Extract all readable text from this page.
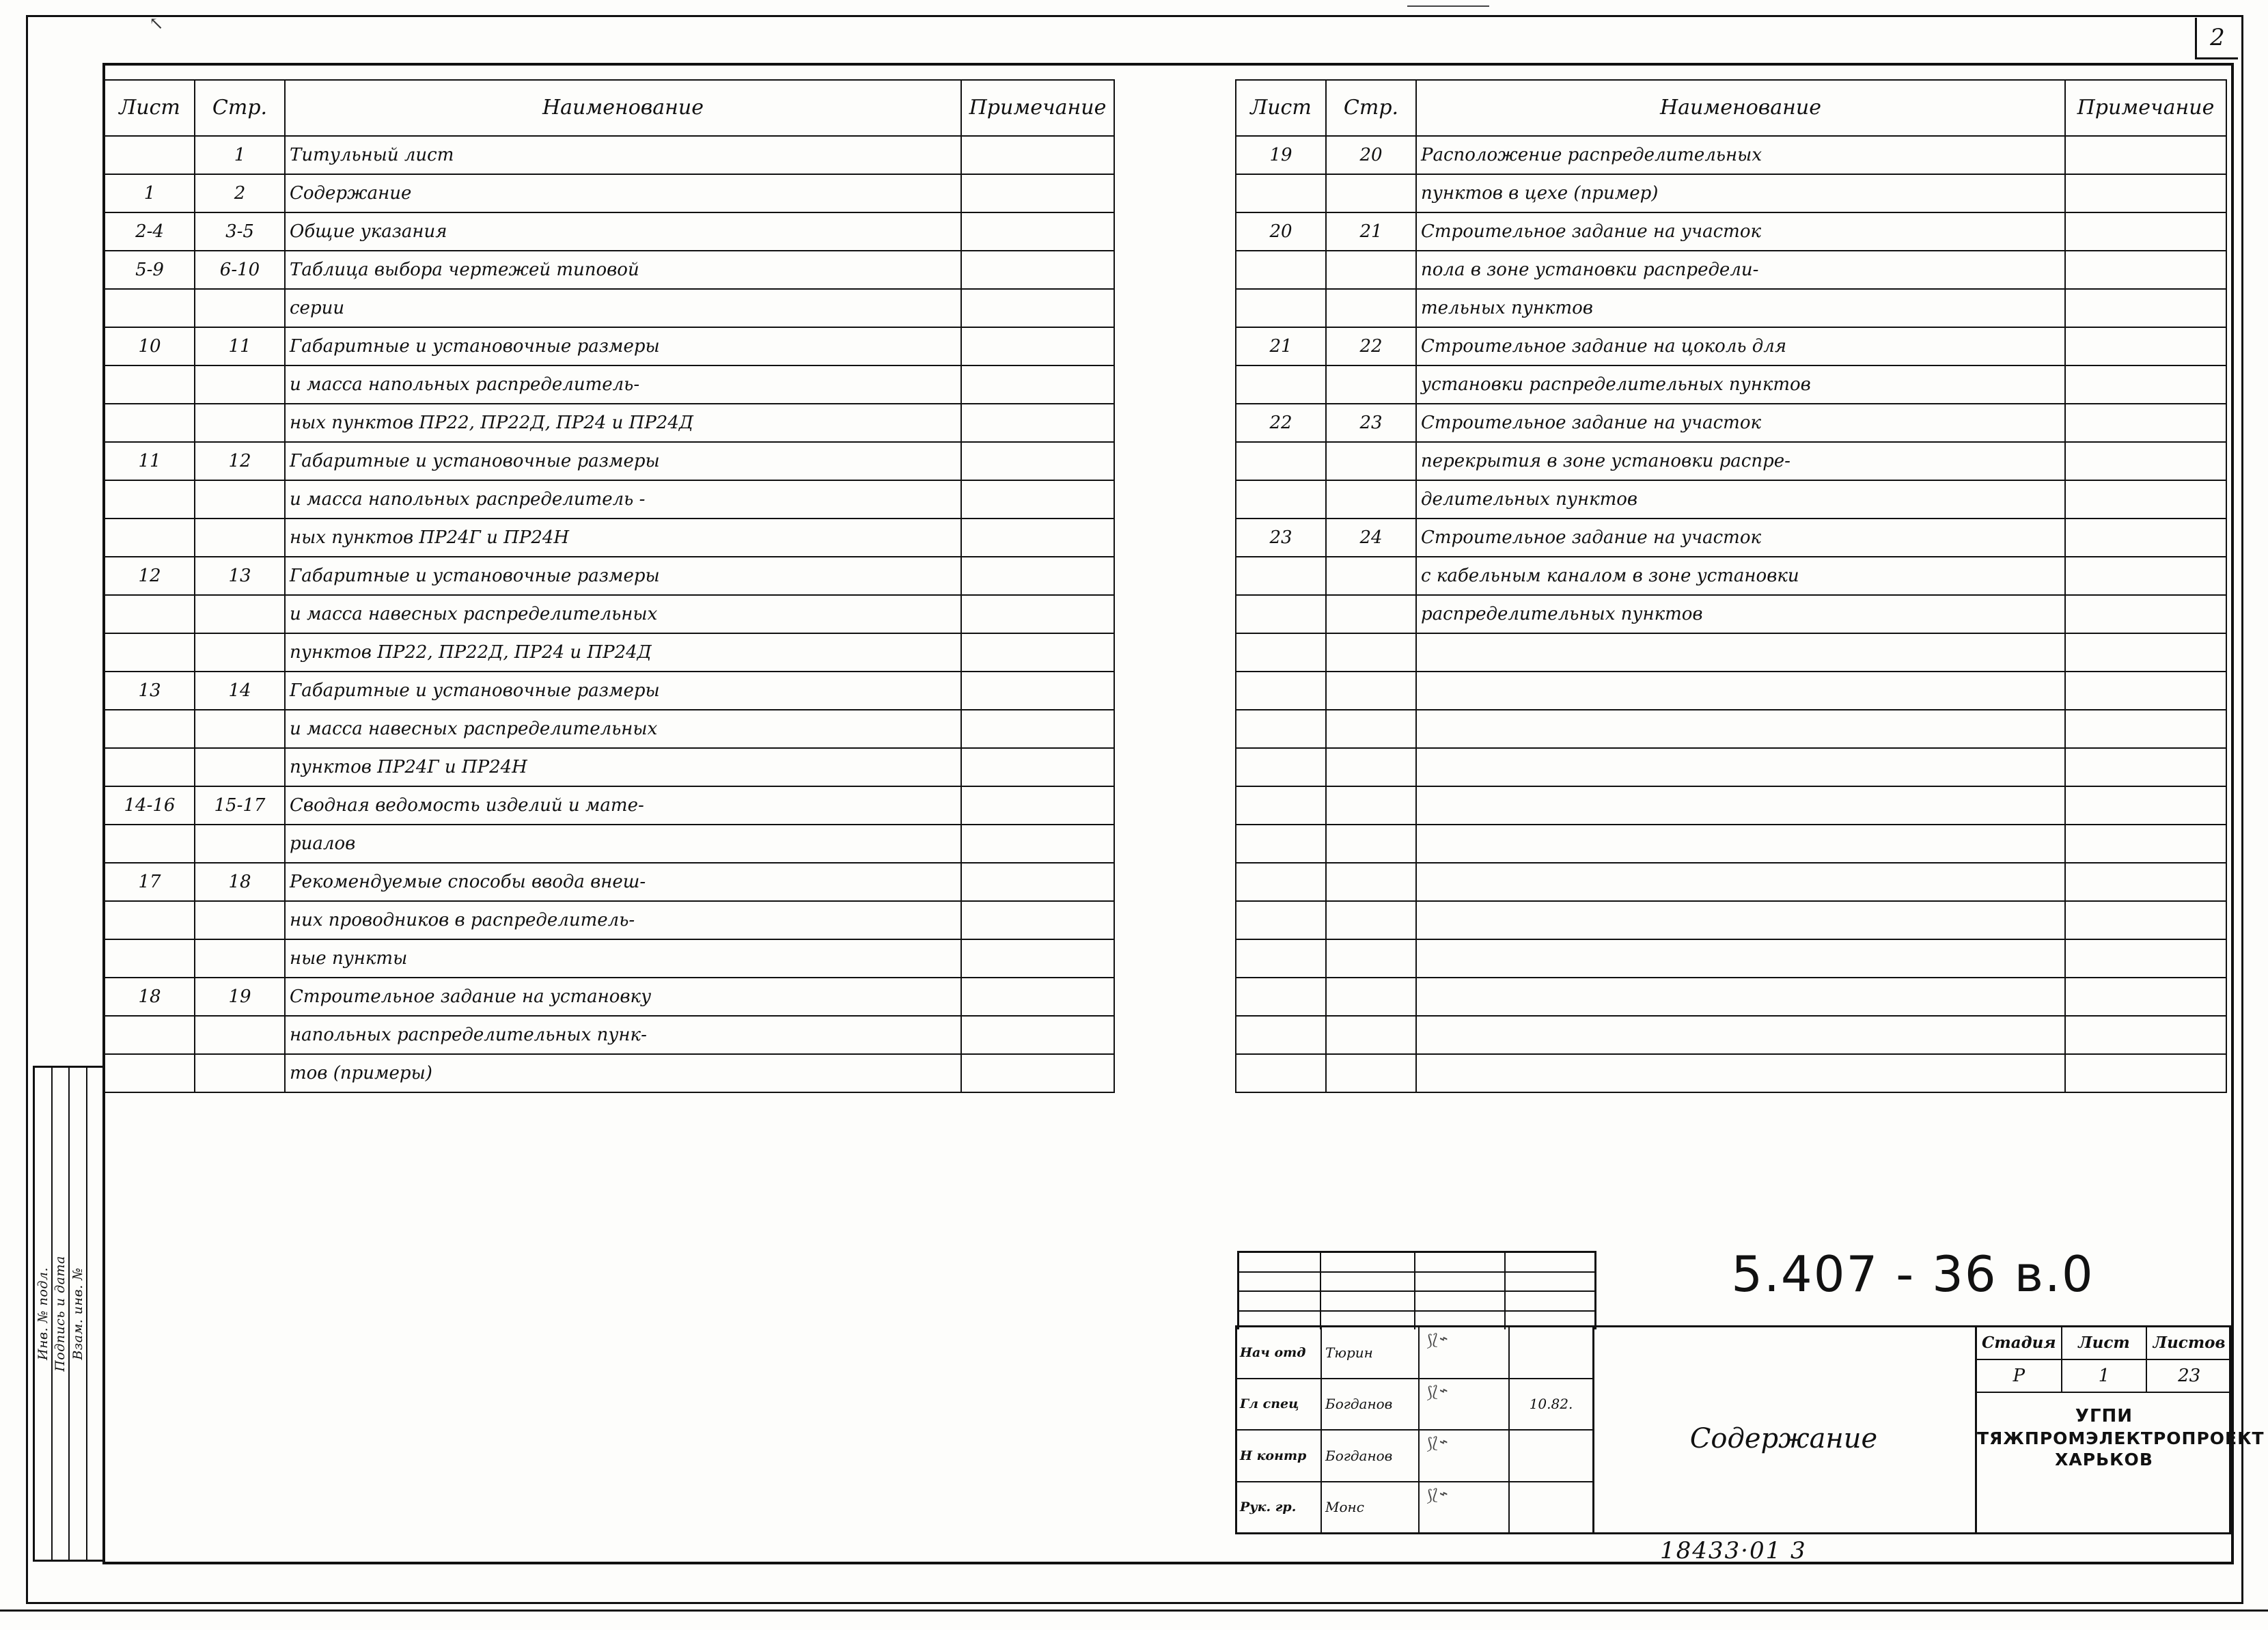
↖	2
Инв. № подл. Подпись и дата Взам. инв. №
Лист	Стр.	Наименование	Примечание
	1	Титульный лист	
1	2	Содержание	
2-4	3-5	Общие указания	
5-9	6-10	Таблица выбора чертежей типовой	
		серии	
10	11	Габаритные и установочные размеры	
		и масса напольных распределитель-	
		ных пунктов ПР22, ПР22Д, ПР24 и ПР24Д	
11	12	Габаритные и установочные размеры	
		и масса напольных распределитель -	
		ных пунктов ПР24Г и ПР24Н	
12	13	Габаритные и установочные размеры	
		и масса навесных распределительных	
		пунктов ПР22, ПР22Д, ПР24 и ПР24Д	
13	14	Габаритные и установочные размеры	
		и масса навесных распределительных	
		пунктов ПР24Г и ПР24Н	
14-16	15-17	Сводная ведомость изделий и мате-	
		риалов	
17	18	Рекомендуемые способы ввода внеш-	
		них проводников в распределитель-	
		ные пункты	
18	19	Строительное задание на установку	
		напольных распределительных пунк-	
		тов (примеры)	
Лист	Стр.	Наименование	Примечание
19	20	Расположение распределительных	
		пунктов в цехе (пример)	
20	21	Строительное задание на участок	
		пола в зоне установки распредели-	
		тельных пунктов	
21	22	Строительное задание на цоколь для	
		установки распределительных пунктов	
22	23	Строительное задание на участок	
		перекрытия в зоне установки распре-	
		делительных пунктов	
23	24	Строительное задание на участок	
		с кабельным каналом в зоне установки	
		распределительных пунктов	

Нач отд	Тюрин
⟆⟅⌁
Гл спец	Богданов
⟆⟅⌁
10.82.
Н контр	Богданов
⟆⟅⌁
Рук. гр.	Монс
⟆⟅⌁
5.407 - 36 в.0
Содержание
Стадия	Лист	Листов
Р	1	23
УГПИ
ТЯЖПРОМЭЛЕКТРОПРОЕКТ
ХАРЬКОВ
18433·01 3
